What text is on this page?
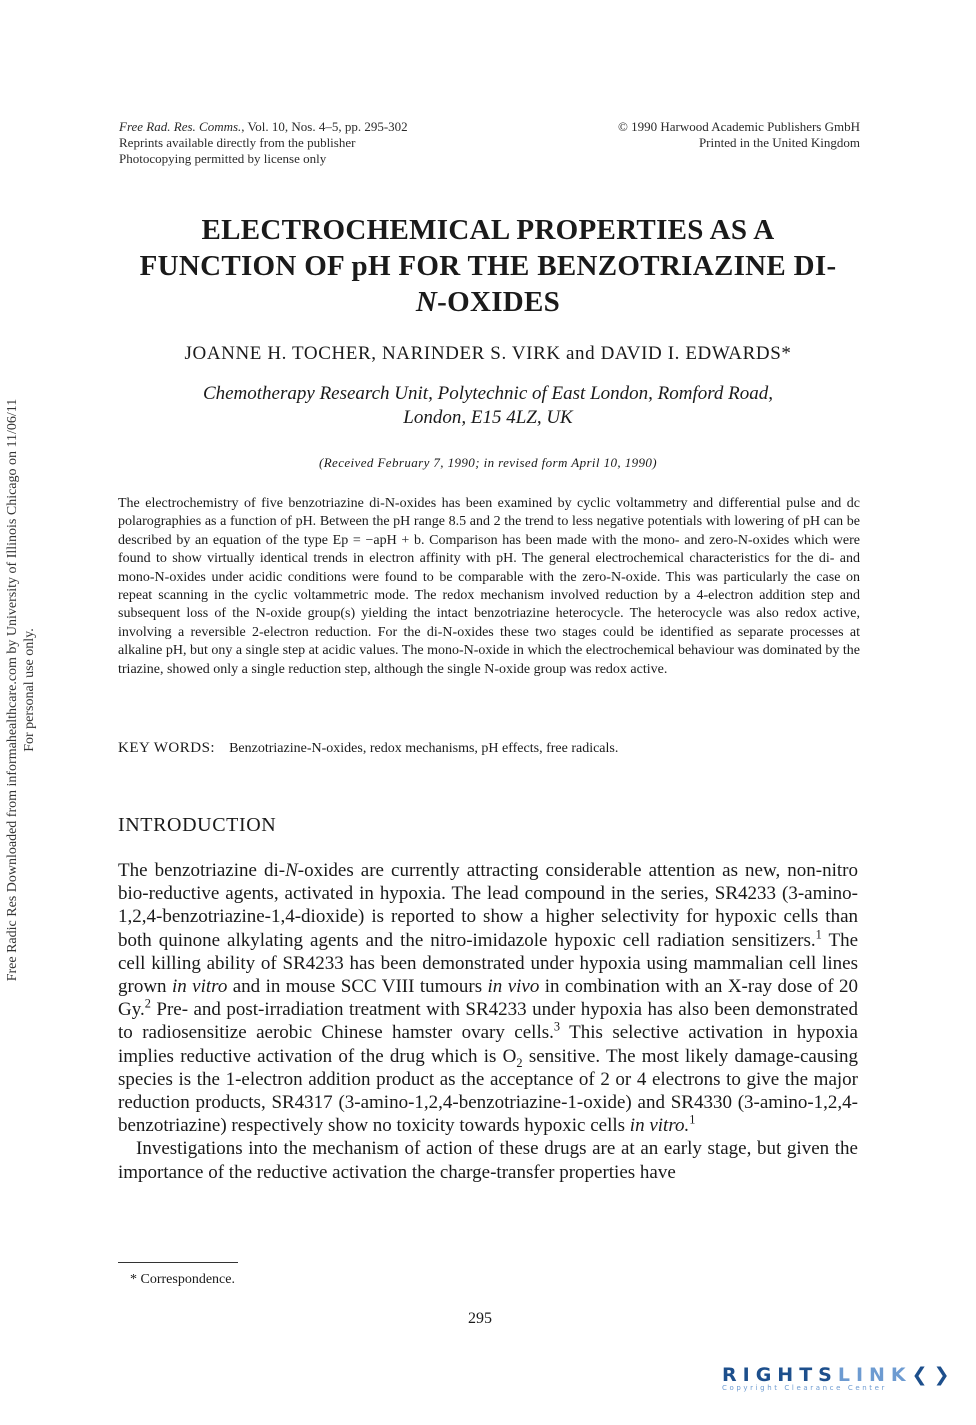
Free Rad. Res. Comms., Vol. 10, Nos. 4–5, pp. 295-302
Reprints available directly from the publisher
Photocopying permitted by license only
© 1990 Harwood Academic Publishers GmbH
Printed in the United Kingdom
ELECTROCHEMICAL PROPERTIES AS A
FUNCTION OF pH FOR THE BENZOTRIAZINE DI-
N-OXIDES
JOANNE H. TOCHER, NARINDER S. VIRK and DAVID I. EDWARDS*
Chemotherapy Research Unit, Polytechnic of East London, Romford Road,
London, E15 4LZ, UK
(Received February 7, 1990; in revised form April 10, 1990)
The electrochemistry of five benzotriazine di-N-oxides has been examined by cyclic voltammetry and differential pulse and dc polarographies as a function of pH. Between the pH range 8.5 and 2 the trend to less negative potentials with lowering of pH can be described by an equation of the type Ep = −apH + b. Comparison has been made with the mono- and zero-N-oxides which were found to show virtually identical trends in electron affinity with pH. The general electrochemical characteristics for the di- and mono-N-oxides under acidic conditions were found to be comparable with the zero-N-oxide. This was particularly the case on repeat scanning in the cyclic voltammetric mode. The redox mechanism involved reduction by a 4-electron addition step and subsequent loss of the N-oxide group(s) yielding the intact benzotriazine heterocycle. The heterocycle was also redox active, involving a reversible 2-electron reduction. For the di-N-oxides these two stages could be identified as separate processes at alkaline pH, but ony a single step at acidic values. The mono-N-oxide in which the electrochemical behaviour was dominated by the triazine, showed only a single reduction step, although the single N-oxide group was redox active.
KEY WORDS: Benzotriazine-N-oxides, redox mechanisms, pH effects, free radicals.
INTRODUCTION

The benzotriazine di-N-oxides are currently attracting considerable attention as new, non-nitro bio-reductive agents, activated in hypoxia. The lead compound in the series, SR4233 (3-amino-1,2,4-benzotriazine-1,4-dioxide) is reported to show a higher selectivity for hypoxic cells than both quinone alkylating agents and the nitro-imidazole hypoxic cell radiation sensitizers.$^1$ The cell killing ability of SR4233 has been demonstrated under hypoxia using mammalian cell lines grown in vitro and in mouse SCC VIII tumours in vivo in combination with an X-ray dose of 20 Gy.$^2$ Pre- and post-irradiation treatment with SR4233 under hypoxia has also been demonstrated to radiosensitize aerobic Chinese hamster ovary cells.$^3$ This selective activation in hypoxia implies reductive activation of the drug which is $O_2$ sensitive. The most likely damage-causing species is the 1-electron addition product as the acceptance of 2 or 4 electrons to give the major reduction products, SR4317 (3-amino-1,2,4-benzotriazine-1-oxide) and SR4330 (3-amino-1,2,4-benzotriazine) respectively show no toxicity towards hypoxic cells in vitro.$^1$

Investigations into the mechanism of action of these drugs are at an early stage, but given the importance of the reductive activation the charge-transfer properties have

* Correspondence.
295
Free Radic Res Downloaded from informahealthcare.com by University of Illinois Chicago on 11/06/11 For personal use only.
RIGHTSLINK❮❯
Copyright Clearance Center
